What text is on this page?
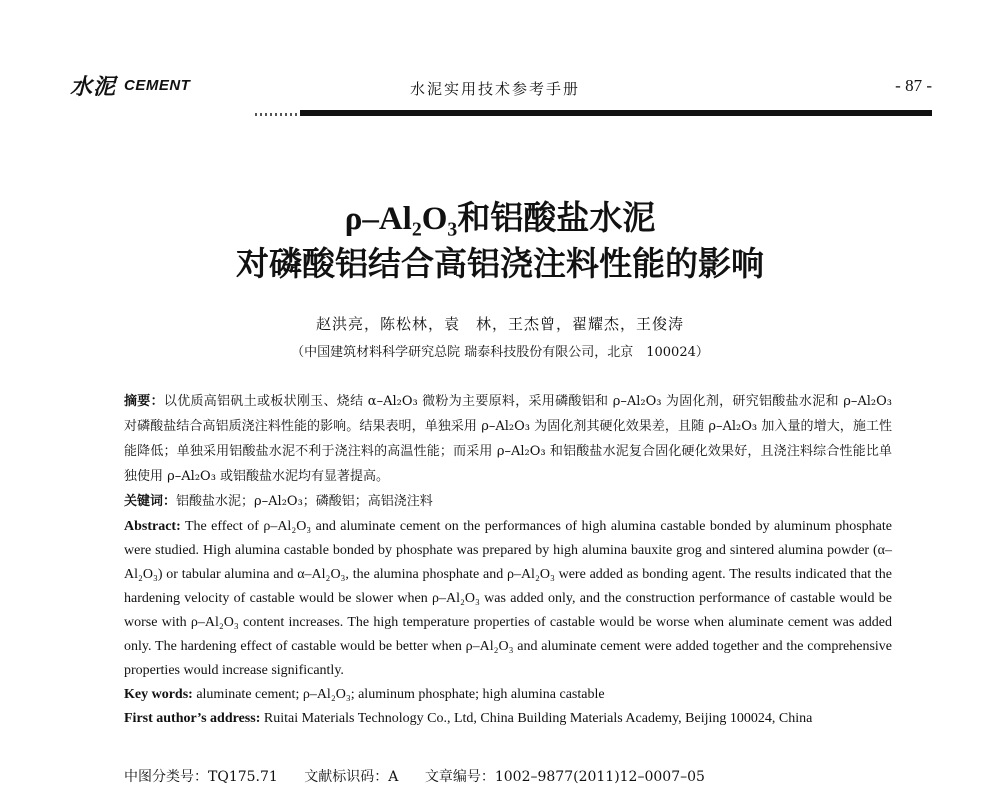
水泥 CEMENT	水泥实用技术参考手册	- 87 -
ρ–Al₂O₃和铝酸盐水泥
对磷酸铝结合高铝浇注料性能的影响
赵洪亮，陈松林，袁　林，王杰曾，翟耀杰，王俊涛
（中国建筑材料科学研究总院 瑞泰科技股份有限公司，北京　100024）

摘要：以优质高铝矾土或板状刚玉、烧结 α–Al₂O₃ 微粉为主要原料，采用磷酸铝和 ρ–Al₂O₃ 为固化剂，研究铝酸盐水泥和 ρ–Al₂O₃ 对磷酸盐结合高铝质浇注料性能的影响。结果表明，单独采用 ρ–Al₂O₃ 为固化剂其硬化效果差，且随 ρ–Al₂O₃ 加入量的增大，施工性能降低；单独采用铝酸盐水泥不利于浇注料的高温性能；而采用 ρ–Al₂O₃ 和铝酸盐水泥复合固化硬化效果好，且浇注料综合性能比单独使用 ρ–Al₂O₃ 或铝酸盐水泥均有显著提高。

关键词：铝酸盐水泥；ρ–Al₂O₃；磷酸铝；高铝浇注料

Abstract: The effect of ρ–Al₂O₃ and aluminate cement on the performances of high alumina castable bonded by aluminum phosphate were studied. High alumina castable bonded by phosphate was prepared by high alumina bauxite grog and sintered alumina powder (α–Al₂O₃) or tabular alumina and α–Al₂O₃, the alumina phosphate and ρ–Al₂O₃ were added as bonding agent. The results indicated that the hardening velocity of castable would be slower when ρ–Al₂O₃ was added only, and the construction performance of castable would be worse with ρ–Al₂O₃ content increases. The high temperature properties of castable would be worse when aluminate cement was added only. The hardening effect of castable would be better when ρ–Al₂O₃ and aluminate cement were added together and the comprehensive properties would increase significantly.

Key words: aluminate cement; ρ–Al₂O₃; aluminum phosphate; high alumina castable

First author’s address: Ruitai Materials Technology Co., Ltd, China Building Materials Academy, Beijing 100024, China

中图分类号：TQ175.71 文献标识码：A 文章编号：1002–9877(2011)12–0007–05
